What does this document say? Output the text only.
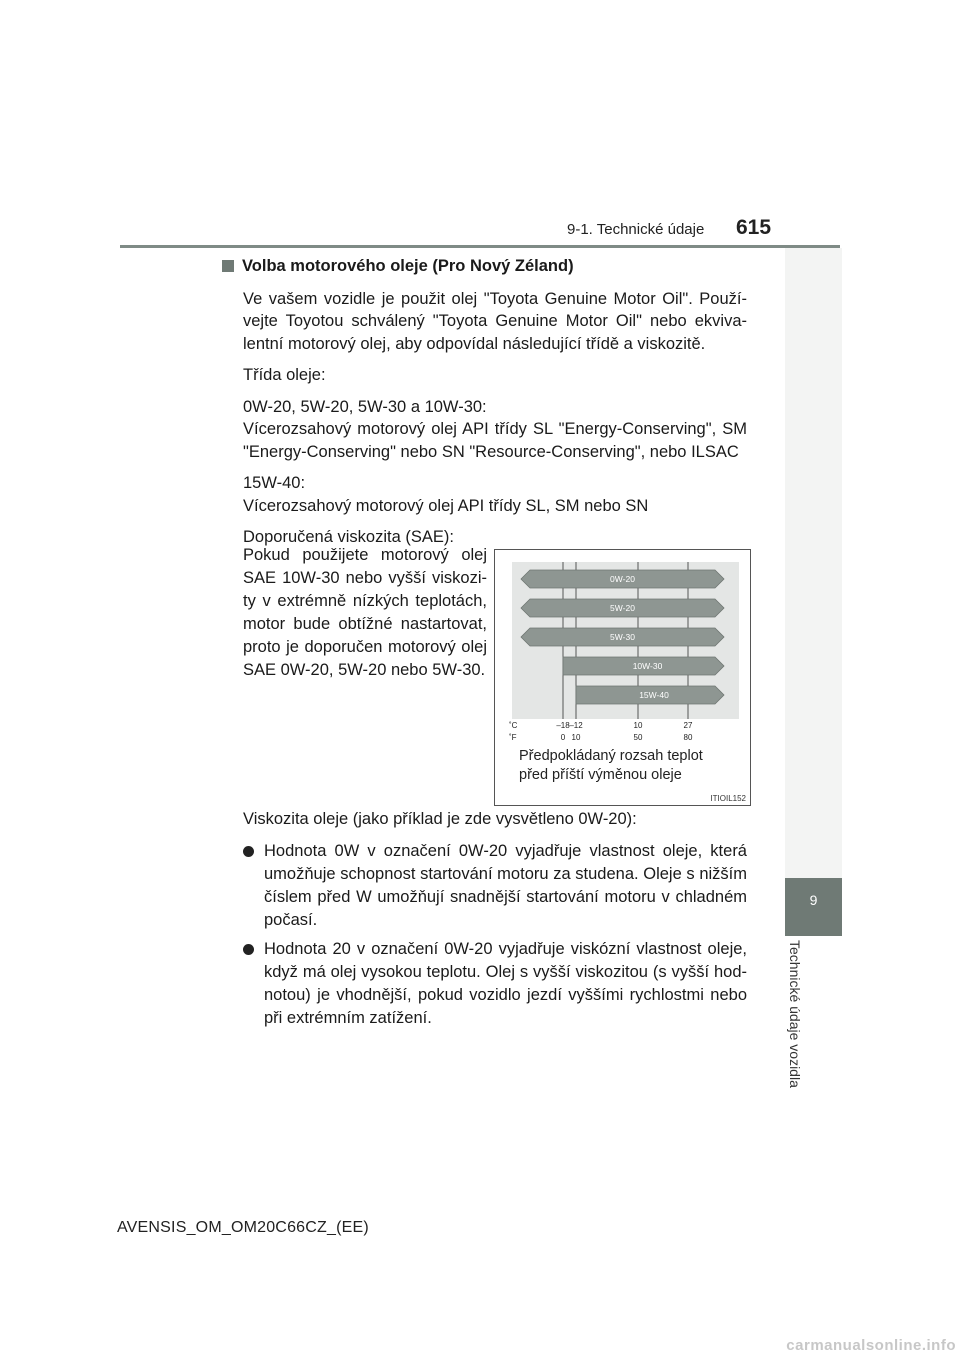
9-1. Technické údaje 615
9
Technické údaje vozidla
Volba motorového oleje (Pro Nový Zéland)
Ve vašem vozidle je použit olej "Toyota Genuine Motor Oil". Používejte Toyotou schválený "Toyota Genuine Motor Oil" nebo ekvivalentní motorový olej, aby odpovídal následující třídě a viskozitě.
Třída oleje:
0W-20, 5W-20, 5W-30 a 10W-30:
Vícerozsahový motorový olej API třídy SL "Energy-Conserving", SM "Energy-Conserving" nebo SN "Resource-Conserving", nebo ILSAC
15W-40:
Vícerozsahový motorový olej API třídy SL, SM nebo SN
Doporučená viskozita (SAE):
Pokud použijete motorový olej SAE 10W-30 nebo vyšší viskozity v extrémně nízkých teplotách, motor bude obtížné nastartovat, proto je doporučen motorový olej SAE 0W-20, 5W-20 nebo 5W-30.
0W-20
5W-20
5W-30
10W-30
15W-40
˚C
˚F
–18 –12	10	27
0 10	50	80
Předpokládaný rozsah teplot
před příští výměnou oleje
ITIOIL152
Viskozita oleje (jako příklad je zde vysvětleno 0W-20):
Hodnota 0W v označení 0W-20 vyjadřuje vlastnost oleje, která umožňuje schopnost startování motoru za studena. Oleje s nižším číslem před W umožňují snadnější startování motoru v chladném počasí.
Hodnota 20 v označení 0W-20 vyjadřuje viskózní vlastnost oleje, když má olej vysokou teplotu. Olej s vyšší viskozitou (s vyšší hodnotou) je vhodnější, pokud vozidlo jezdí vyššími rychlostmi nebo při extrémním zatížení.
AVENSIS_OM_OM20C66CZ_(EE)
carmanualsonline.info
